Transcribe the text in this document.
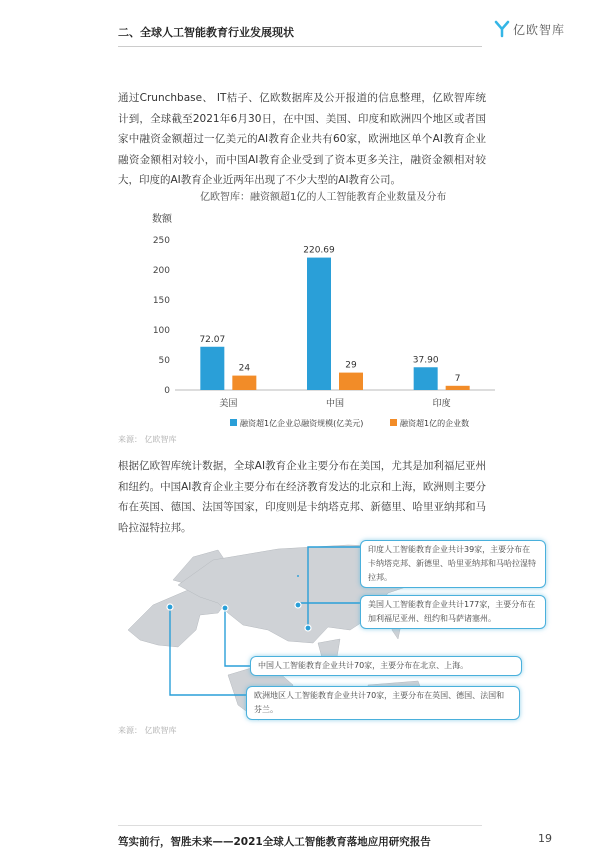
二、全球人工智能教育行业发展现状	亿欧智库
通过Crunchbase、 IT桔子、亿欧数据库及公开报道的信息整理，亿欧智库统计到，全球截至2021年6月30日，在中国、美国、印度和欧洲四个地区或者国家中融资金额超过一亿美元的AI教育企业共有60家，欧洲地区单个AI教育企业融资金额相对较小，而中国AI教育企业受到了资本更多关注，融资金额相对较大，印度的AI教育企业近两年出现了不少大型的AI教育公司。
亿欧智库：融资额超1亿的人工智能教育企业数量及分布
数额
0
50
100
150
200
250
72.07
24
美国
220.69
29
中国
37.90
7
印度
融资超1亿企业总融资规模(亿美元)	融资超1亿的企业数
来源： 亿欧智库
根据亿欧智库统计数据，全球AI教育企业主要分布在美国，尤其是加利福尼亚州和纽约。中国AI教育企业主要分布在经济教育发达的北京和上海，欧洲则主要分布在英国、德国、法国等国家，印度则是卡纳塔克邦、新德里、哈里亚纳邦和马哈拉湿特拉邦。
印度人工智能教育企业共计39家，主要分布在卡纳塔克邦、新德里、哈里亚纳邦和马哈拉湿特拉邦。
美国人工智能教育企业共计177家，主要分布在加利福尼亚州、纽约和马萨诸塞州。
中国人工智能教育企业共计70家，主要分布在北京、上海。
欧洲地区人工智能教育企业共计70家，主要分布在英国、德国、法国和芬兰。
来源： 亿欧智库
笃实前行，智胜未来——2021全球人工智能教育落地应用研究报告	19
